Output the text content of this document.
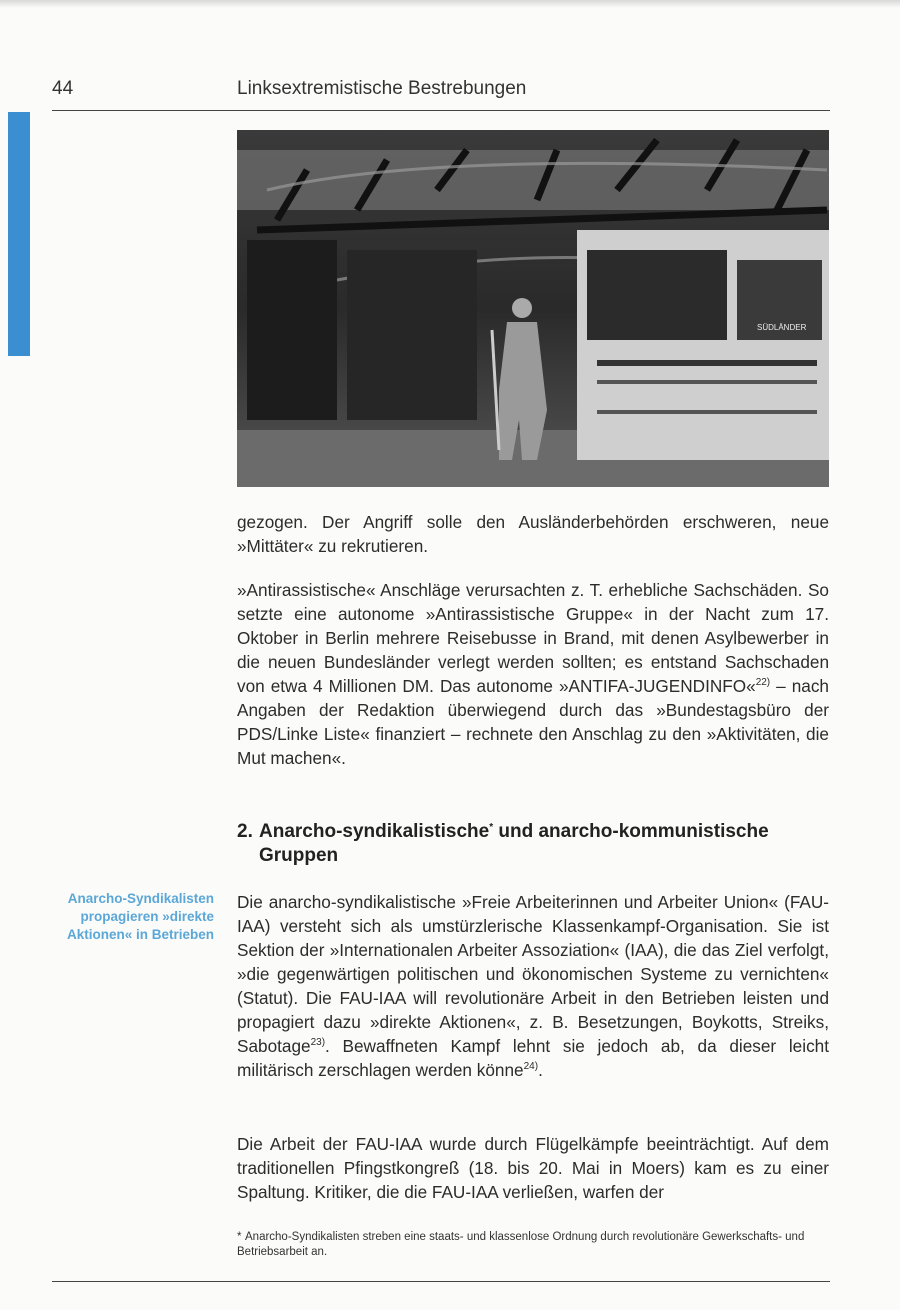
44	Linksextremistische Bestrebungen
SÜDLÄNDER
gezogen. Der Angriff solle den Ausländerbehörden erschweren, neue »Mittäter« zu rekrutieren.
»Antirassistische« Anschläge verursachten z. T. erhebliche Sachschäden. So setzte eine autonome »Antirassistische Gruppe« in der Nacht zum 17. Oktober in Berlin mehrere Reisebusse in Brand, mit denen Asylbewerber in die neuen Bundesländer verlegt werden sollten; es entstand Sachschaden von etwa 4 Millionen DM. Das autonome »ANTIFA-JUGENDINFO«$^{22)}$ – nach Angaben der Redaktion überwiegend durch das »Bundestagsbüro der PDS/Linke Liste« finanziert – rechnete den Anschlag zu den »Aktivitäten, die Mut machen«.
2. Anarcho-syndikalistische* und anarcho-kommunistische
Gruppen
Anarcho-Syndikalisten propagieren »direkte Aktionen« in Betrieben
Die anarcho-syndikalistische »Freie Arbeiterinnen und Arbeiter Union« (FAU-IAA) versteht sich als umstürzlerische Klassenkampf-Organisation. Sie ist Sektion der »Internationalen Arbeiter Assoziation« (IAA), die das Ziel verfolgt, »die gegenwärtigen politischen und ökonomischen Systeme zu vernichten« (Statut). Die FAU-IAA will revolutionäre Arbeit in den Betrieben leisten und propagiert dazu »direkte Aktionen«, z. B. Besetzungen, Boykotts, Streiks, Sabotage$^{23)}$. Bewaffneten Kampf lehnt sie jedoch ab, da dieser leicht militärisch zerschlagen werden könne$^{24)}$.
Die Arbeit der FAU-IAA wurde durch Flügelkämpfe beeinträchtigt. Auf dem traditionellen Pfingstkongreß (18. bis 20. Mai in Moers) kam es zu einer Spaltung. Kritiker, die die FAU-IAA verließen, warfen der
* Anarcho-Syndikalisten streben eine staats- und klassenlose Ordnung durch revolutionäre Gewerkschafts- und Betriebsarbeit an.
